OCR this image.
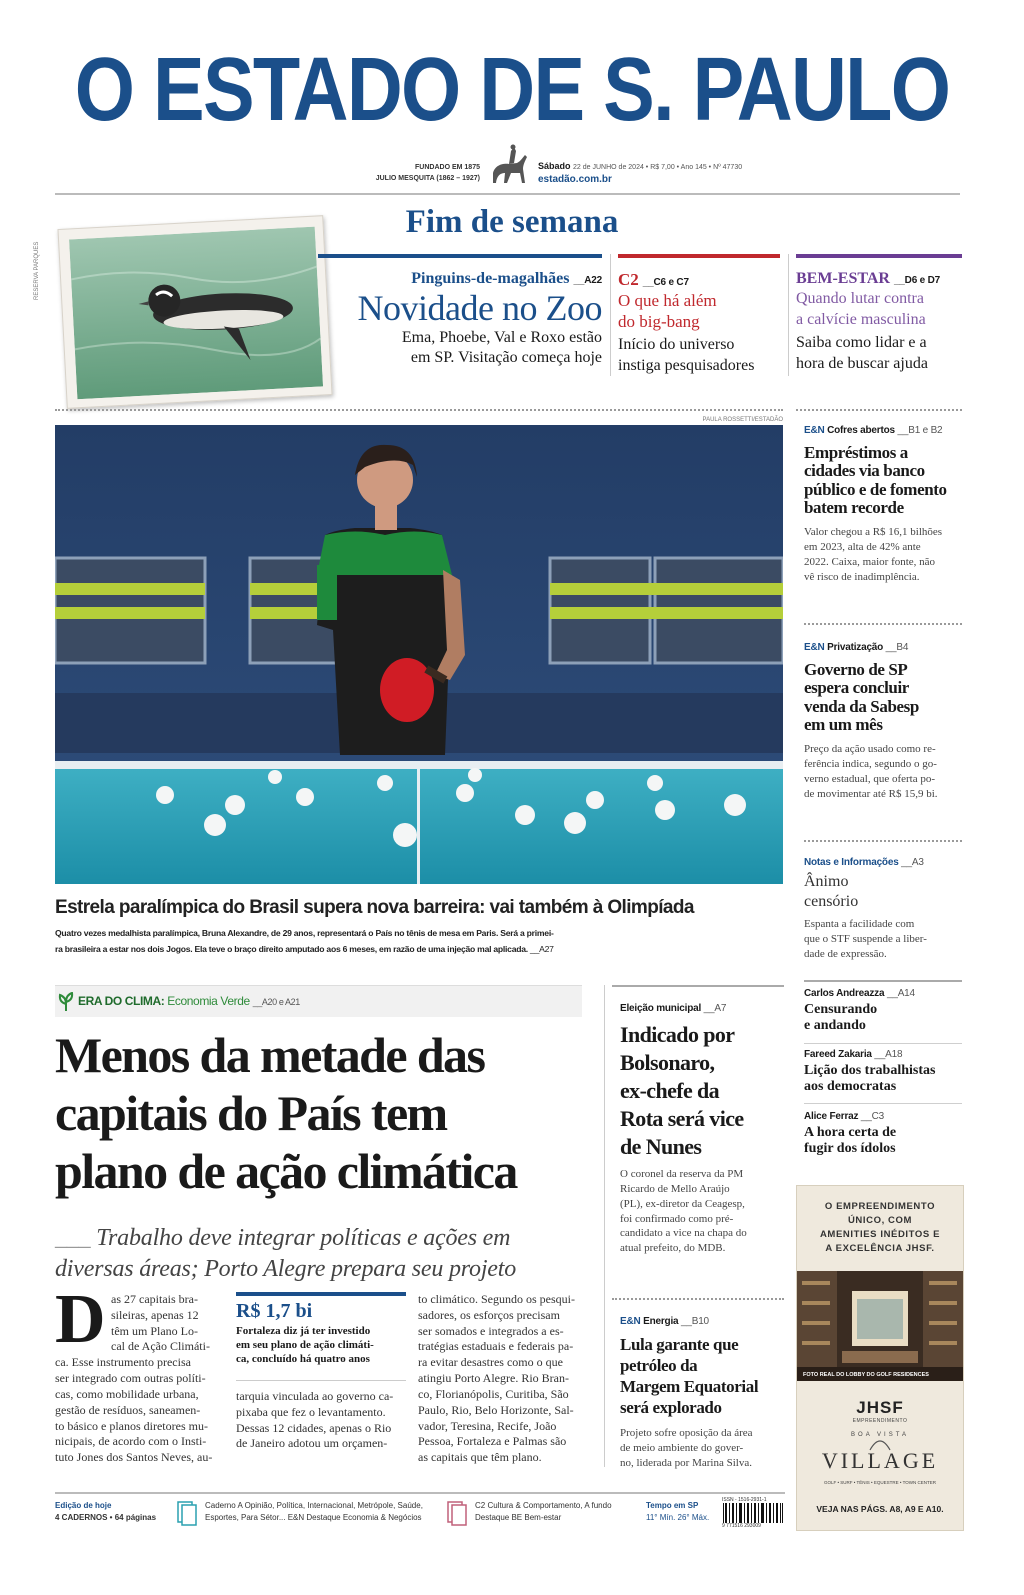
O ESTADO DE S. PAULO
FUNDADO EM 1875
JULIO MESQUITA (1862 – 1927)
Sábado 22 de JUNHO de 2024 • R$ 7,00 • Ano 145 • Nº 47730
estadão.com.br
Fim de semana
RESERVA PARQUES	Pinguins-de-magalhães __A22
Novidade no Zoo
Ema, Phoebe, Val e Roxo estão
em SP. Visitação começa hoje
C2 __C6 e C7
O que há além
do big-bang
Início do universo
instiga pesquisadores
BEM-ESTAR __D6 e D7
Quando lutar contra
a calvície masculina
Saiba como lidar e a
hora de buscar ajuda
PAULA ROSSETTI/ESTADÃO
Estrela paralímpica do Brasil supera nova barreira: vai também à Olimpíada
Quatro vezes medalhista paralímpica, Bruna Alexandre, de 29 anos, representará o País no tênis de mesa em Paris. Será a primei-
ra brasileira a estar nos dois Jogos. Ela teve o braço direito amputado aos 6 meses, em razão de uma injeção mal aplicada. __A27
E&N Cofres abertos __B1 e B2
Empréstimos a
cidades via banco
público e de fomento
batem recorde
Valor chegou a R$ 16,1 bilhões
em 2023, alta de 42% ante
2022. Caixa, maior fonte, não
vê risco de inadimplência.
E&N Privatização __B4
Governo de SP
espera concluir
venda da Sabesp
em um mês
Preço da ação usado como re-
ferência indica, segundo o go-
verno estadual, que oferta po-
de movimentar até R$ 15,9 bi.
Notas e Informações __A3
Ânimo
censório
Espanta a facilidade com
que o STF suspende a liber-
dade de expressão.
Carlos Andreazza __A14
Censurando
e andando
Fareed Zakaria __A18
Lição dos trabalhistas
aos democratas
Alice Ferraz __C3
A hora certa de
fugir dos ídolos
O EMPREENDIMENTO
ÚNICO, COM
AMENITIES INÉDITOS E
A EXCELÊNCIA JHSF.
FOTO REAL DO LOBBY DO GOLF RESIDENCES
JHSF
EMPREENDIMENTO
BOA VISTA
VILLAGE
GOLF • SURF • TÊNIS • EQUESTRE • TOWN CENTER
VEJA NAS PÁGS. A8, A9 E A10.
ERA DO CLIMA: Economia Verde __A20 e A21
Menos da metade das
capitais do País tem
plano de ação climática
___ Trabalho deve integrar políticas e ações em
diversas áreas; Porto Alegre prepara seu projeto
D as 27 capitais bra-
sileiras, apenas 12
têm um Plano Lo-
cal de Ação Climáti-
ca. Esse instrumento precisa
ser integrado com outras políti-
cas, como mobilidade urbana,
gestão de resíduos, saneamen-
to básico e planos diretores mu-
nicipais, de acordo com o Insti-
tuto Jones dos Santos Neves, au-
R$ 1,7 bi
Fortaleza diz já ter investido
em seu plano de ação climáti-
ca, concluído há quatro anos
tarquia vinculada ao governo ca-
pixaba que fez o levantamento.
Dessas 12 cidades, apenas o Rio
de Janeiro adotou um orçamen-
to climático. Segundo os pesqui-
sadores, os esforços precisam
ser somados e integrados a es-
tratégias estaduais e federais pa-
ra evitar desastres como o que
atingiu Porto Alegre. Rio Bran-
co, Florianópolis, Curitiba, São
Paulo, Rio, Belo Horizonte, Sal-
vador, Teresina, Recife, João
Pessoa, Fortaleza e Palmas são
as capitais que têm plano.
Eleição municipal __A7
Indicado por
Bolsonaro,
ex-chefe da
Rota será vice
de Nunes
O coronel da reserva da PM
Ricardo de Mello Araújo
(PL), ex-diretor da Ceagesp,
foi confirmado como pré-
candidato a vice na chapa do
atual prefeito, do MDB.
E&N Energia __B10
Lula garante que
petróleo da
Margem Equatorial
será explorado
Projeto sofre oposição da área
de meio ambiente do gover-
no, liderada por Marina Silva.
Edição de hoje
4 CADERNOS • 64 páginas
Caderno A Opinião, Política, Internacional, Metrópole, Saúde,
Esportes, Para Sétor... E&N Destaque Economia & Negócios
C2 Cultura & Comportamento, A fundo
Destaque BE Bem-estar
Tempo em SP
11° Mín. 26° Máx.
ISSN - 1516-2931-1
9 771516 293009
